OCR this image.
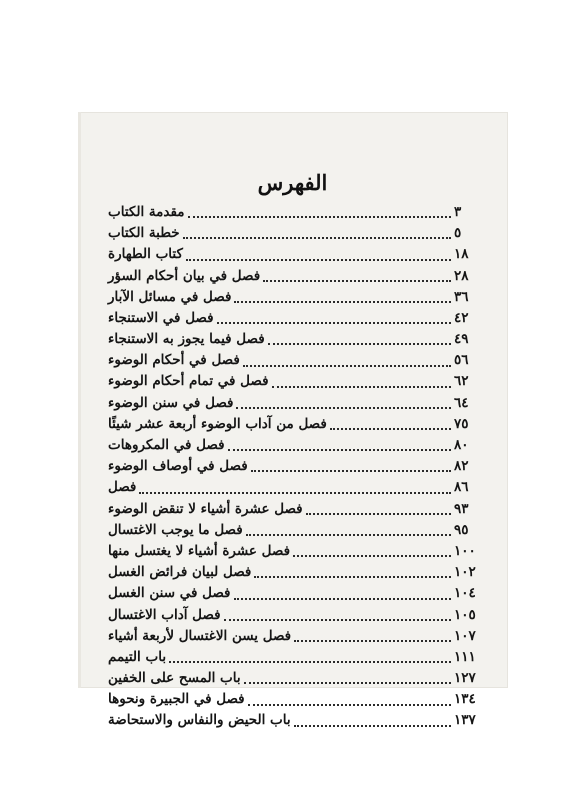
الفهرس
مقدمة الكتاب	٣
خطبة الكتاب	٥
كتاب الطهارة	١٨
فصل في بيان أحكام السؤر	٢٨
فصل في مسائل الآبار	٣٦
فصل في الاستنجاء	٤٢
فصل فيما يجوز به الاستنجاء	٤٩
فصل في أحكام الوضوء	٥٦
فصل في تمام أحكام الوضوء	٦٢
فصل في سنن الوضوء	٦٤
فصل من آداب الوضوء أربعة عشر شيئًا	٧٥
فصل في المكروهات	٨٠
فصل في أوصاف الوضوء	٨٢
فصل	٨٦
فصل عشرة أشياء لا تنقض الوضوء	٩٣
فصل ما يوجب الاغتسال	٩٥
فصل عشرة أشياء لا يغتسل منها	١٠٠
فصل لبيان فرائض الغسل	١٠٢
فصل في سنن الغسل	١٠٤
فصل آداب الاغتسال	١٠٥
فصل يسن الاغتسال لأربعة أشياء	١٠٧
باب التيمم	١١١
باب المسح على الخفين	١٢٧
فصل في الجبيرة ونحوها	١٣٤
باب الحيض والنفاس والاستحاضة	١٣٧
